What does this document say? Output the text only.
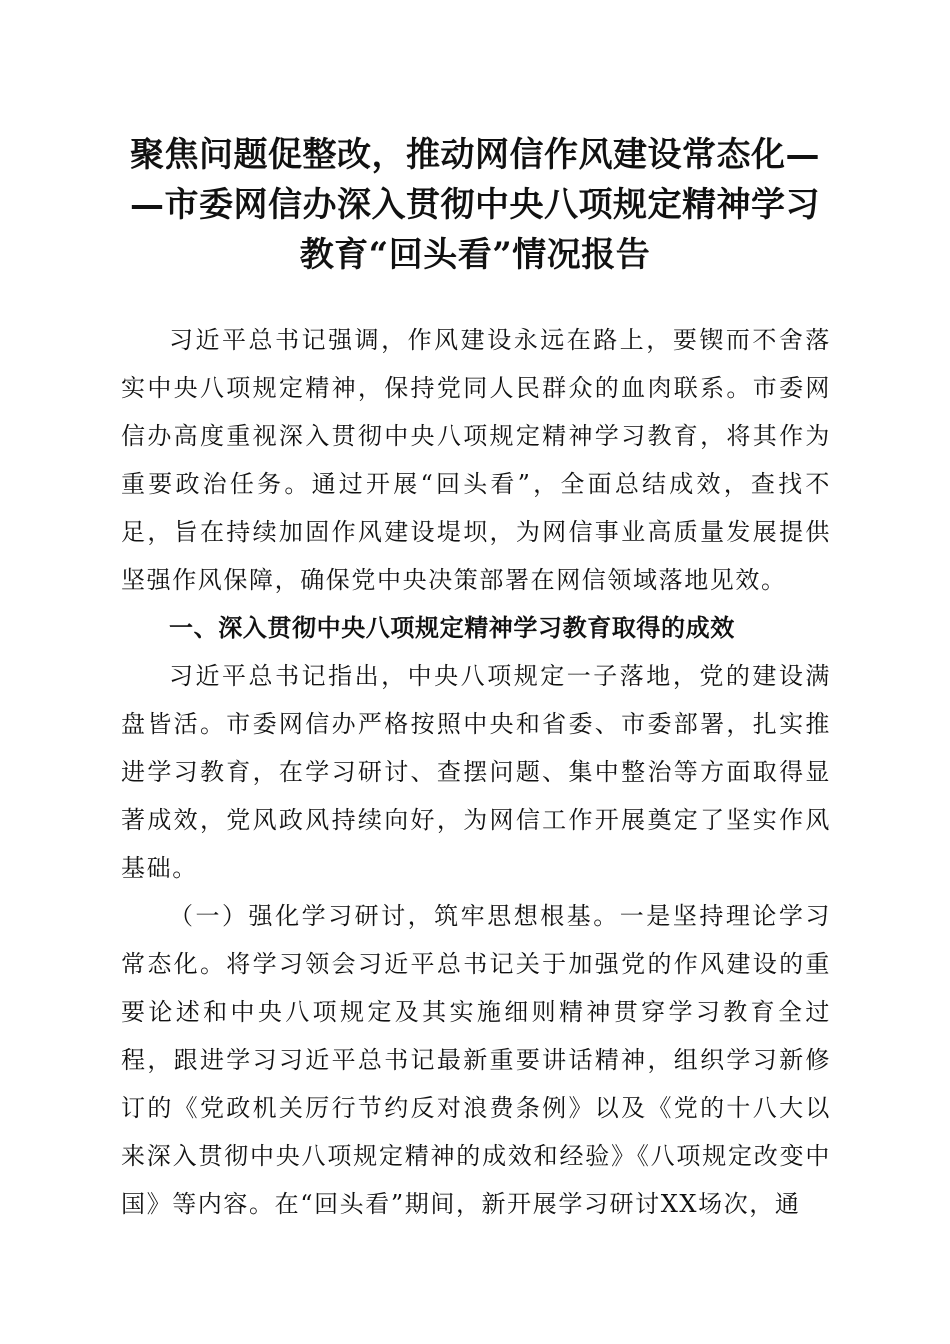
聚焦问题促整改，推动网信作风建设常态化—
—市委网信办深入贯彻中央八项规定精神学习
教育“回头看”情况报告

习近平总书记强调，作风建设永远在路上，要锲而不舍落实中央八项规定精神，保持党同人民群众的血肉联系。市委网信办高度重视深入贯彻中央八项规定精神学习教育，将其作为重要政治任务。通过开展“回头看”，全面总结成效，查找不足，旨在持续加固作风建设堤坝，为网信事业高质量发展提供坚强作风保障，确保党中央决策部署在网信领域落地见效。

一、深入贯彻中央八项规定精神学习教育取得的成效

习近平总书记指出，中央八项规定一子落地，党的建设满盘皆活。市委网信办严格按照中央和省委、市委部署，扎实推进学习教育，在学习研讨、查摆问题、集中整治等方面取得显著成效，党风政风持续向好，为网信工作开展奠定了坚实作风基础。

（一）强化学习研讨，筑牢思想根基。一是坚持理论学习常态化。将学习领会习近平总书记关于加强党的作风建设的重要论述和中央八项规定及其实施细则精神贯穿学习教育全过程，跟进学习习近平总书记最新重要讲话精神，组织学习新修订的《党政机关厉行节约反对浪费条例》以及《党的十八大以来深入贯彻中央八项规定精神的成效和经验》《八项规定改变中国》等内容。在“回头看”期间，新开展学习研讨XX场次，通
